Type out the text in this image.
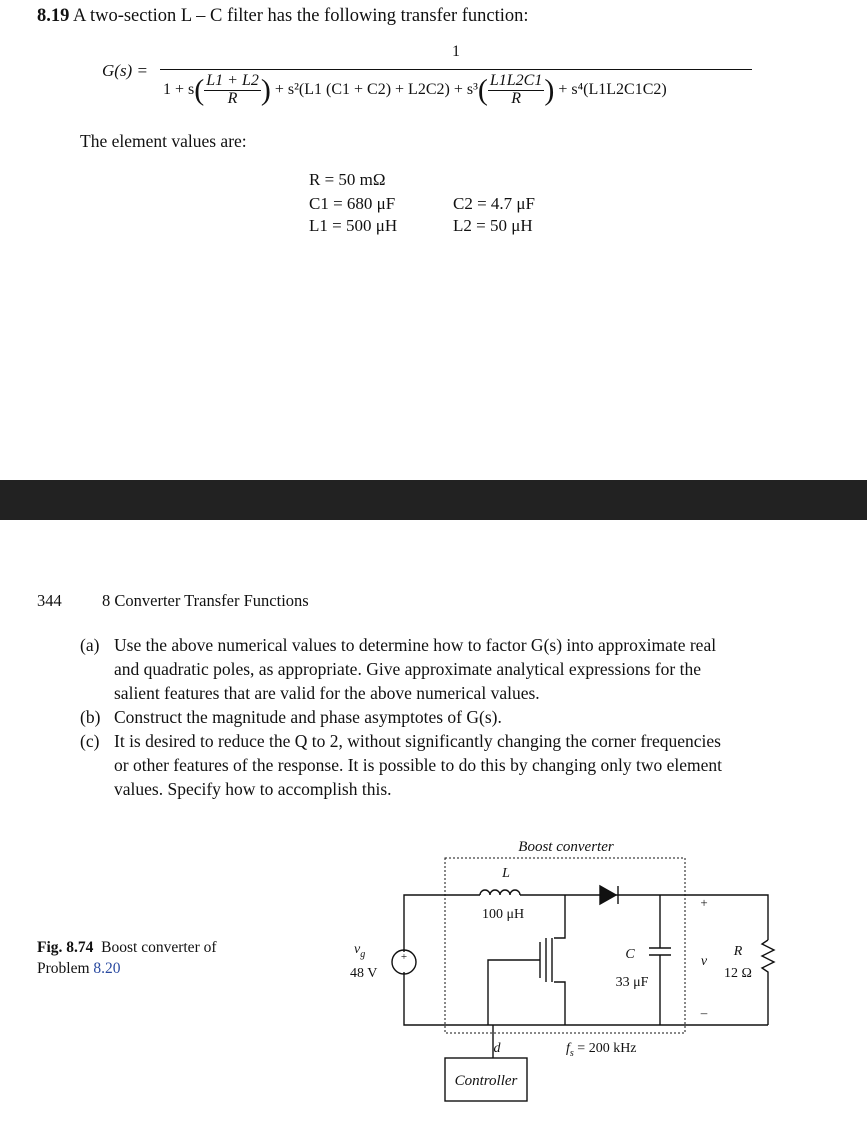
8.19 A two-section L – C filter has the following transfer function:
G(s) =
1
$1 + s( \frac{L1 + L2}{R}$ ) + s²(L1 $(C1 + C2) + L2C2) + s^3( \frac{L1L2C1}{R}$ ) + s⁴(L1L2C1C2)
The element values are:
R = 50 mΩ
C1 = 680 μF
L1 = 500 μH
C2 = 4.7 μF
L2 = 50 μH
344 8 Converter Transfer Functions
(a) Use the above numerical values to determine how to factor G(s) into approximate real
and quadratic poles, as appropriate. Give approximate analytical expressions for the
salient features that are valid for the above numerical values.
(b) Construct the magnitude and phase asymptotes of G(s).
(c) It is desired to reduce the Q to 2, without significantly changing the corner frequencies
or other features of the response. It is possible to do this by changing only two element
values. Specify how to accomplish this.
Fig. 8.74 Boost converter of
Problem 8.20
Boost converter
$v_g$
48 V
+
L
100 μH
C
33 μF
+
v
–
R
12 Ω
d	$f_s = 200$ kHz
Controller
